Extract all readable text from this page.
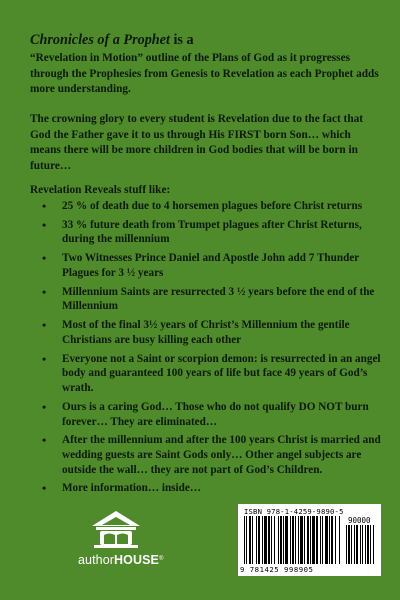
Chronicles of a Prophet is a
“Revelation in Motion” outline of the Plans of God as it progresses through the Prophesies from Genesis to Revelation as each Prophet adds more understanding.
The crowning glory to every student is Revelation due to the fact that God the Father gave it to us through His FIRST born Son… which means there will be more children in God bodies that will be born in future…
Revelation Reveals stuff like:
• 25 % of death due to 4 horsemen plagues before Christ returns
• 33 % future death from Trumpet plagues after Christ Returns, during the millennium
• Two Witnesses Prince Daniel and Apostle John add 7 Thunder Plagues for 3 ½ years
• Millennium Saints are resurrected 3 ½ years before the end of the Millennium
• Most of the final 3½ years of Christ’s Millennium the gentile Christians are busy killing each other
• Everyone not a Saint or scorpion demon: is resurrected in an angel body and guaranteed 100 years of life but face 49 years of God’s wrath.
• Ours is a caring God… Those who do not qualify DO NOT burn forever… They are eliminated…
• After the millennium and after the 100 years Christ is married and wedding guests are Saint Gods only… Other angel subjects are outside the wall… they are not part of God’s Children.
• More information… inside…
authorHOUSE®
ISBN 978-1-4259-9890-5
90000
9 781425 998905
